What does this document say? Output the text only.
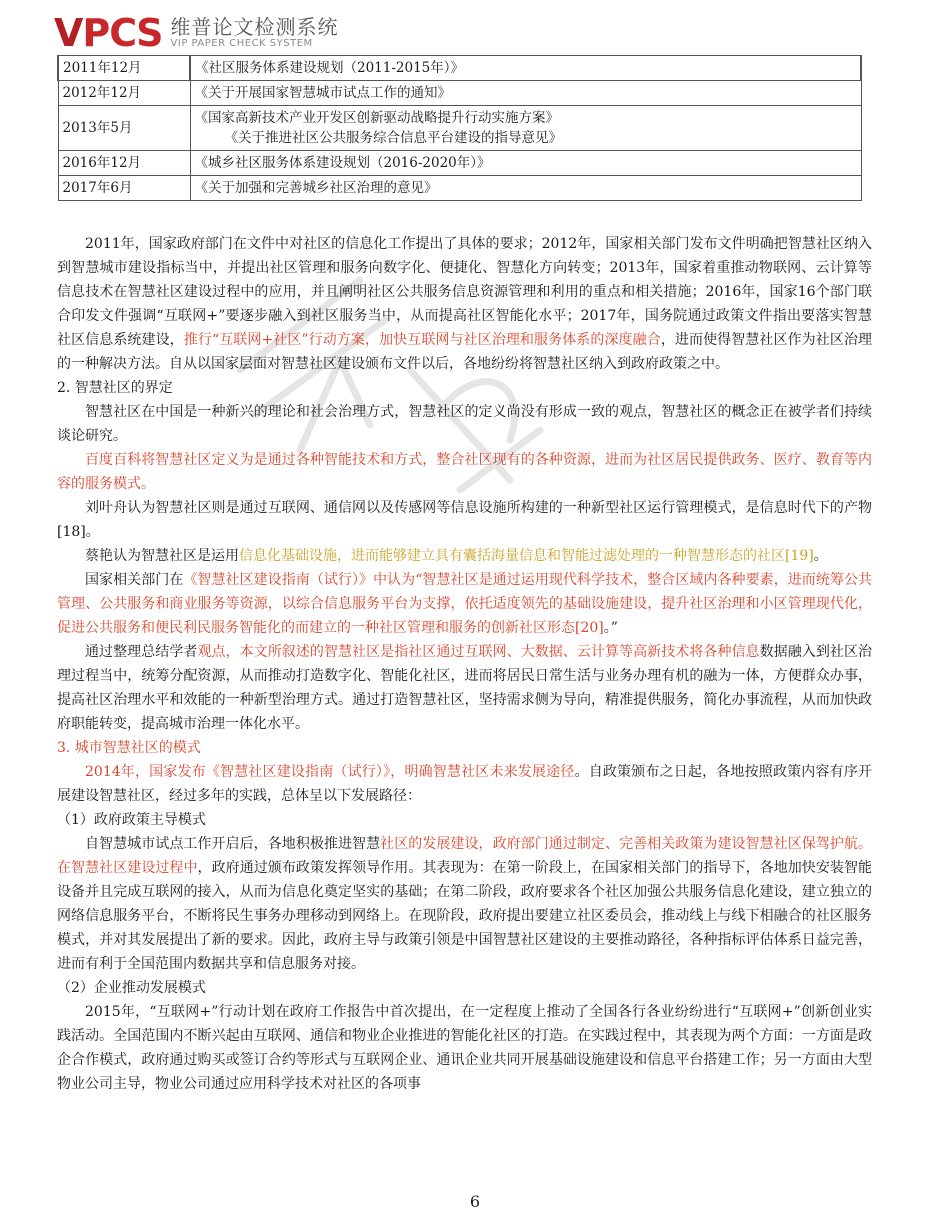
V P C S 维普论文检测系统
VIP PAPER CHECK SYSTEM
2011年12月	《社区服务体系建设规划（2011-2015年）》

2012年12月	《关于开展国家智慧城市试点工作的通知》

2013年5月	《国家高新技术产业开发区创新驱动战略提升行动实施方案》
《关于推进社区公共服务综合信息平台建设的指导意见》

2016年12月	《城乡社区服务体系建设规划（2016-2020年）》

2017年6月	《关于加强和完善城乡社区治理的意见》

2011年，国家政府部门在文件中对社区的信息化工作提出了具体的要求；2012年，国家相关部门发布文件明确把智慧社区纳入到智慧城市建设指标当中，并提出社区管理和服务向数字化、便捷化、智慧化方向转变；2013年，国家着重推动物联网、云计算等信息技术在智慧社区建设过程中的应用，并且阐明社区公共服务信息资源管理和利用的重点和相关措施；2016年，国家16个部门联合印发文件强调“互联网+”要逐步融入到社区服务当中，从而提高社区智能化水平；2017年，国务院通过政策文件指出要落实智慧社区信息系统建设，推行“互联网+社区”行动方案，加快互联网与社区治理和服务体系的深度融合，进而使得智慧社区作为社区治理的一种解决方法。自从以国家层面对智慧社区建设颁布文件以后，各地纷纷将智慧社区纳入到政府政策之中。

2. 智慧社区的界定

智慧社区在中国是一种新兴的理论和社会治理方式，智慧社区的定义尚没有形成一致的观点，智慧社区的概念正在被学者们持续谈论研究。

百度百科将智慧社区定义为是通过各种智能技术和方式，整合社区现有的各种资源，进而为社区居民提供政务、医疗、教育等内容的服务模式。

刘叶舟认为智慧社区则是通过互联网、通信网以及传感网等信息设施所构建的一种新型社区运行管理模式，是信息时代下的产物[18]。

蔡艳认为智慧社区是运用信息化基础设施，进而能够建立具有囊括海量信息和智能过滤处理的一种智慧形态的社区[19]。

国家相关部门在《智慧社区建设指南（试行）》中认为“智慧社区是通过运用现代科学技术，整合区域内各种要素，进而统筹公共管理、公共服务和商业服务等资源，以综合信息服务平台为支撑，依托适度领先的基础设施建设，提升社区治理和小区管理现代化，促进公共服务和便民利民服务智能化的而建立的一种社区管理和服务的创新社区形态[20]。”

通过整理总结学者观点，本文所叙述的智慧社区是指社区通过互联网、大数据、云计算等高新技术将各种信息数据融入到社区治理过程当中，统筹分配资源，从而推动打造数字化、智能化社区，进而将居民日常生活与业务办理有机的融为一体，方便群众办事，提高社区治理水平和效能的一种新型治理方式。通过打造智慧社区，坚持需求侧为导向，精准提供服务，简化办事流程，从而加快政府职能转变，提高城市治理一体化水平。

3. 城市智慧社区的模式

2014年，国家发布《智慧社区建设指南（试行）》，明确智慧社区未来发展途径。自政策颁布之日起，各地按照政策内容有序开展建设智慧社区，经过多年的实践，总体呈以下发展路径：

（1）政府政策主导模式

自智慧城市试点工作开启后，各地积极推进智慧社区的发展建设，政府部门通过制定、完善相关政策为建设智慧社区保驾护航。在智慧社区建设过程中，政府通过颁布政策发挥领导作用。其表现为：在第一阶段上，在国家相关部门的指导下，各地加快安装智能设备并且完成互联网的接入，从而为信息化奠定坚实的基础；在第二阶段，政府要求各个社区加强公共服务信息化建设，建立独立的网络信息服务平台，不断将民生事务办理移动到网络上。在现阶段，政府提出要建立社区委员会，推动线上与线下相融合的社区服务模式，并对其发展提出了新的要求。因此，政府主导与政策引领是中国智慧社区建设的主要推动路径，各种指标评估体系日益完善，进而有利于全国范围内数据共享和信息服务对接。

（2）企业推动发展模式

2015年，“互联网+”行动计划在政府工作报告中首次提出，在一定程度上推动了全国各行各业纷纷进行“互联网+”创新创业实践活动。全国范围内不断兴起由互联网、通信和物业企业推进的智能化社区的打造。在实践过程中，其表现为两个方面：一方面是政企合作模式，政府通过购买或签订合约等形式与互联网企业、通讯企业共同开展基础设施建设和信息平台搭建工作；另一方面由大型物业公司主导，物业公司通过应用科学技术对社区的各项事

6
